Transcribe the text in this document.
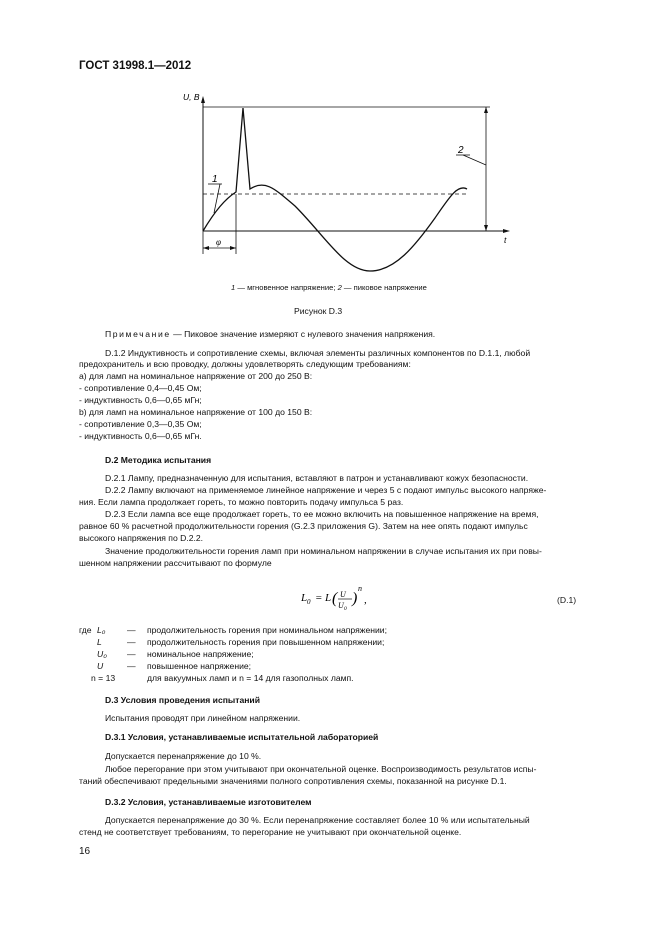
ГОСТ 31998.1—2012
U, B
t
2
1
φ
1 — мгновенное напряжение; 2 — пиковое напряжение
Рисунок D.3
Примечание — Пиковое значение измеряют с нулевого значения напряжения.
D.1.2 Индуктивность и сопротивление схемы, включая элементы различных компонентов по D.1.1, любой
предохранитель и всю проводку, должны удовлетворять следующим требованиям:
а) для ламп на номинальное напряжение от 200 до 250 В:
- сопротивление 0,4—0,45 Ом;
- индуктивность 0,6—0,65 мГн;
b) для ламп на номинальное напряжение от 100 до 150 В:
- сопротивление 0,3—0,35 Ом;
- индуктивность 0,6—0,65 мГн.
D.2 Методика испытания
D.2.1 Лампу, предназначенную для испытания, вставляют в патрон и устанавливают кожух безопасности.
D.2.2 Лампу включают на применяемое линейное напряжение и через 5 с подают импульс высокого напряже-
ния. Если лампа продолжает гореть, то можно повторить подачу импульса 5 раз.
D.2.3 Если лампа все еще продолжает гореть, то ее можно включить на повышенное напряжение на время,
равное 60 % расчетной продолжительности горения (G.2.3 приложения G). Затем на нее опять подают импульс
высокого напряжения по D.2.2.
Значение продолжительности горения ламп при номинальном напряжении в случае испытания их при повы-
шенном напряжении рассчитывают по формуле
L 0 = L ( U
U 0
)
n
,	(D.1)
где L₀	— продолжительность горения при номинальном напряжении;
L	— продолжительность горения при повышенном напряжении;
U₀ — номинальное напряжение;
U	— повышенное напряжение;
n = 13	для вакуумных ламп и n = 14 для газополных ламп.
D.3 Условия проведения испытаний
Испытания проводят при линейном напряжении.
D.3.1 Условия, устанавливаемые испытательной лабораторией
Допускается перенапряжение до 10 %.
Любое перегорание при этом учитывают при окончательной оценке. Воспроизводимость результатов испы-
таний обеспечивают предельными значениями полного сопротивления схемы, показанной на рисунке D.1.
D.3.2 Условия, устанавливаемые изготовителем
Допускается перенапряжение до 30 %. Если перенапряжение составляет более 10 % или испытательный
стенд не соответствует требованиям, то перегорание не учитывают при окончательной оценке.
16
